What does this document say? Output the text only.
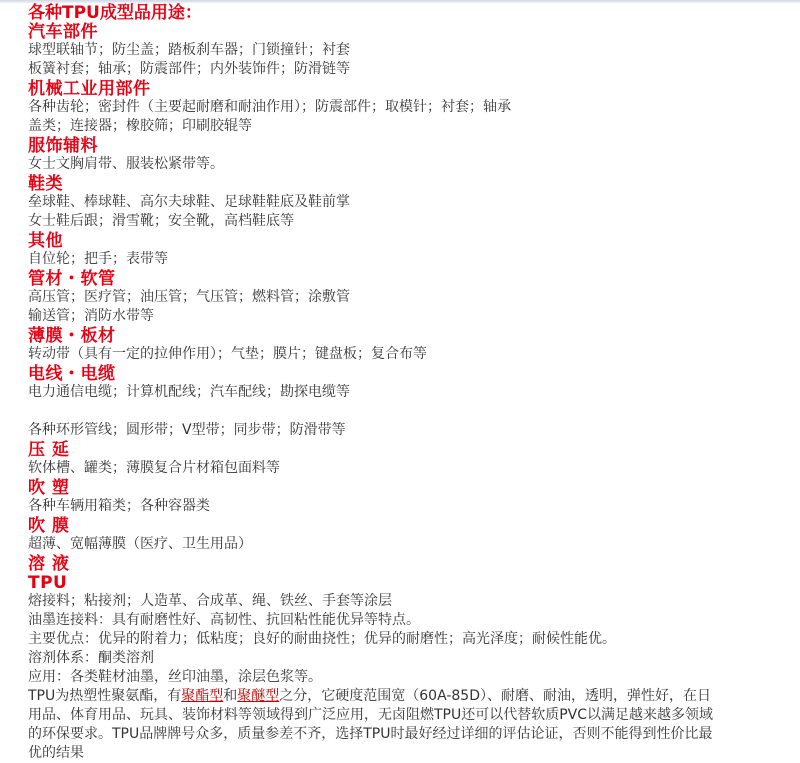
各种TPU成型品用途：
汽车部件
球型联轴节；防尘盖；踏板刹车器；门锁撞针；衬套
板簧衬套；轴承；防震部件；内外装饰件；防滑链等
机械工业用部件
各种齿轮；密封件（主要起耐磨和耐油作用）；防震部件；取模针；衬套；轴承
盖类；连接器；橡胶筛；印刷胶辊等
服饰辅料
女士文胸肩带、服装松紧带等。
鞋类
垒球鞋、棒球鞋、高尔夫球鞋、足球鞋鞋底及鞋前掌
女士鞋后跟；滑雪靴；安全靴，高档鞋底等
其他
自位轮；把手；表带等
管材・软管
高压管；医疗管；油压管；气压管；燃料管；涂敷管
输送管；消防水带等
薄膜・板材
转动带（具有一定的拉伸作用）；气垫；膜片；键盘板；复合布等
电线・电缆
电力通信电缆；计算机配线；汽车配线；勘探电缆等
各种环形管线；圆形带；V型带；同步带；防滑带等
压 延
软体槽、罐类；薄膜复合片材箱包面料等
吹 塑
各种车辆用箱类；各种容器类
吹 膜
超薄、宽幅薄膜（医疗、卫生用品）
溶 液
TPU
熔接料；粘接剂；人造革、合成革、绳、铁丝、手套等涂层
油墨连接料：具有耐磨性好、高韧性、抗回粘性能优异等特点。
主要优点：优异的附着力；低粘度；良好的耐曲挠性；优异的耐磨性；高光泽度；耐候性能优。
溶剂体系：酮类溶剂
应用：各类鞋材油墨，丝印油墨，涂层色浆等。
TPU为热塑性聚氨酯，有聚酯型和聚醚型之分，它硬度范围宽（60A-85D）、耐磨、耐油，透明，弹性好，在日
用品、体育用品、玩具、装饰材料等领域得到广泛应用，无卤阻燃TPU还可以代替软质PVC以满足越来越多领域
的环保要求。TPU品牌牌号众多，质量参差不齐，选择TPU时最好经过详细的评估论证，否则不能得到性价比最
优的结果
